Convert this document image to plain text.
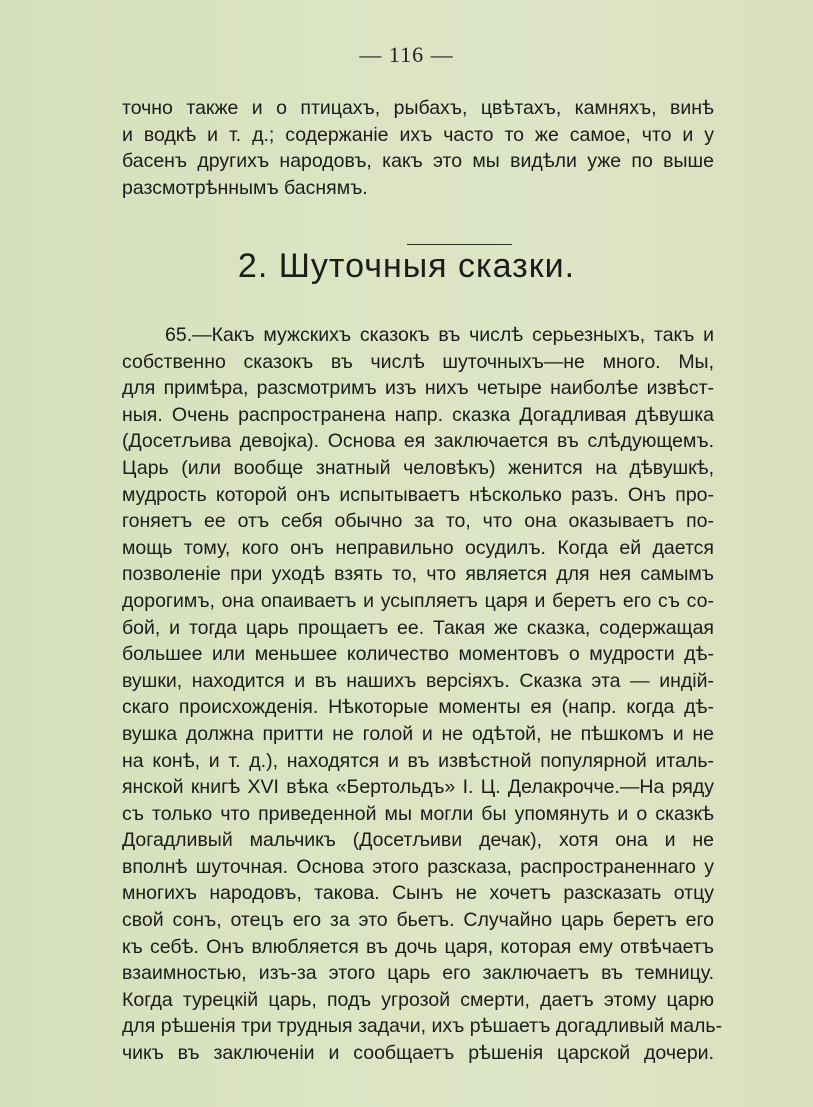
— 116 —
точно также и о птицахъ, рыбахъ, цвѣтахъ, камняхъ, винѣ
и водкѣ и т. д.; содержаніе ихъ часто то же самое, что и у
басенъ другихъ народовъ, какъ это мы видѣли уже по выше
разсмотрѣннымъ баснямъ.
2. Шуточныя сказки.
65.—Какъ мужскихъ сказокъ въ числѣ серьезныхъ, такъ и
собственно сказокъ въ числѣ шуточныхъ—не много. Мы,
для примѣра, разсмотримъ изъ нихъ четыре наиболѣе извѣст-
ныя. Очень распространена напр. сказка Догадливая дѣвушка
(Досетљива девојка). Основа ея заключается въ слѣдующемъ.
Царь (или вообще знатный человѣкъ) женится на дѣвушкѣ,
мудрость которой онъ испытываетъ нѣсколько разъ. Онъ про-
гоняетъ ее отъ себя обычно за то, что она оказываетъ по-
мощь тому, кого онъ неправильно осудилъ. Когда ей дается
позволеніе при уходѣ взять то, что является для нея самымъ
дорогимъ, она опаиваетъ и усыпляетъ царя и беретъ его съ со-
бой, и тогда царь прощаетъ ее. Такая же сказка, содержащая
большее или меньшее количество моментовъ о мудрости дѣ-
вушки, находится и въ нашихъ версіяхъ. Сказка эта — индій-
скаго происхожденія. Нѣкоторые моменты ея (напр. когда дѣ-
вушка должна притти не голой и не одѣтой, не пѣшкомъ и не
на конѣ, и т. д.), находятся и въ извѣстной популярной италь-
янской книгѣ XVI вѣка «Бертольдъ» І. Ц. Делакрочче.—На ряду
съ только что приведенной мы могли бы упомянуть и о сказкѣ
Догадливый мальчикъ (Досетљиви дечак), хотя она и не
вполнѣ шуточная. Основа этого разсказа, распространеннаго у
многихъ народовъ, такова. Сынъ не хочетъ разсказать отцу
свой сонъ, отецъ его за это бьетъ. Случайно царь беретъ его
къ себѣ. Онъ влюбляется въ дочь царя, которая ему отвѣчаетъ
взаимностью, изъ-за этого царь его заключаетъ въ темницу.
Когда турецкій царь, подъ угрозой смерти, даетъ этому царю
для рѣшенія три трудныя задачи, ихъ рѣшаетъ догадливый маль-
чикъ въ заключеніи и сообщаетъ рѣшенія царской дочери.
